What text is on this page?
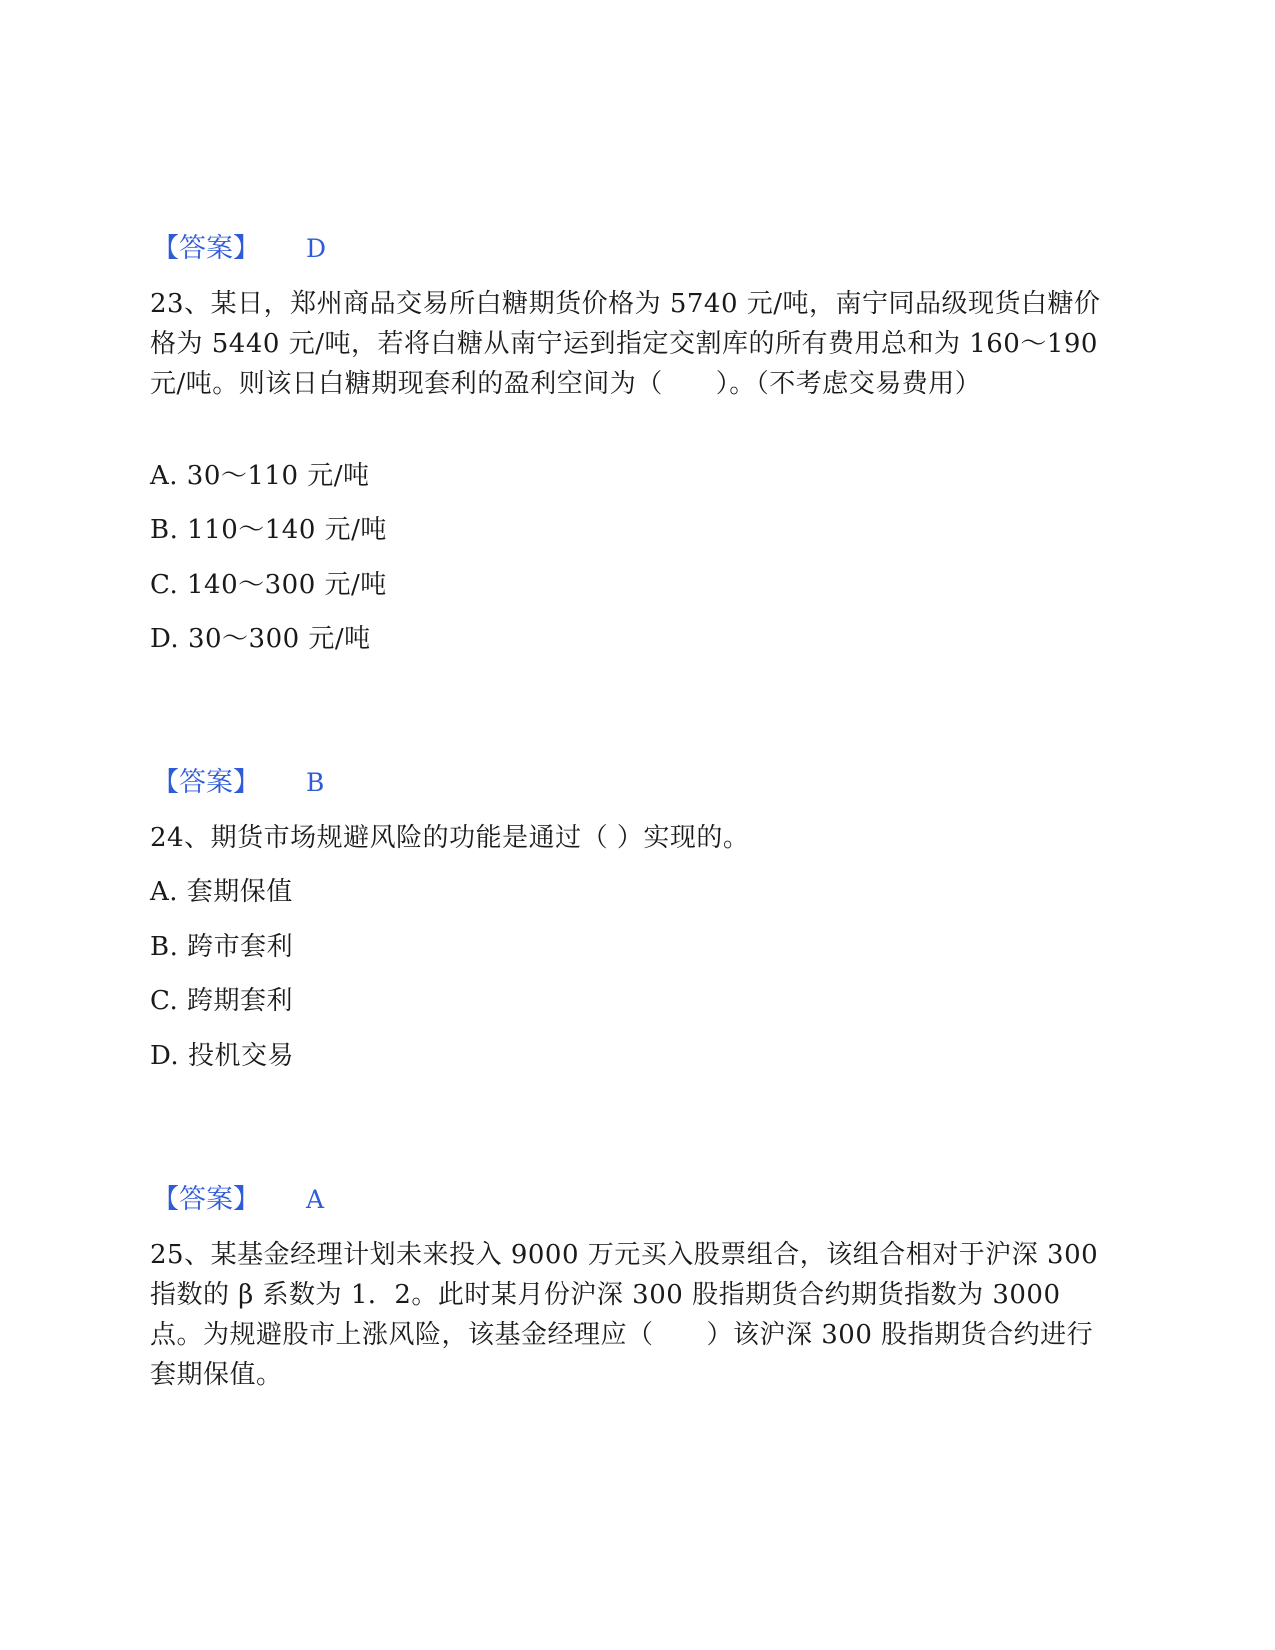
【答案】 D
23、某日，郑州商品交易所白糖期货价格为 5740 元/吨，南宁同品级现货白糖价格为 5440 元/吨，若将白糖从南宁运到指定交割库的所有费用总和为 160～190 元/吨。则该日白糖期现套利的盈利空间为（　　）。（不考虑交易费用）
A. 30～110 元/吨
B. 110～140 元/吨
C. 140～300 元/吨
D. 30～300 元/吨
【答案】 B
24、期货市场规避风险的功能是通过（ ）实现的。
A. 套期保值
B. 跨市套利
C. 跨期套利
D. 投机交易
【答案】 A
25、某基金经理计划未来投入 9000 万元买入股票组合，该组合相对于沪深 300 指数的 β 系数为 1．2。此时某月份沪深 300 股指期货合约期货指数为 3000 点。为规避股市上涨风险，该基金经理应（　　）该沪深 300 股指期货合约进行套期保值。
